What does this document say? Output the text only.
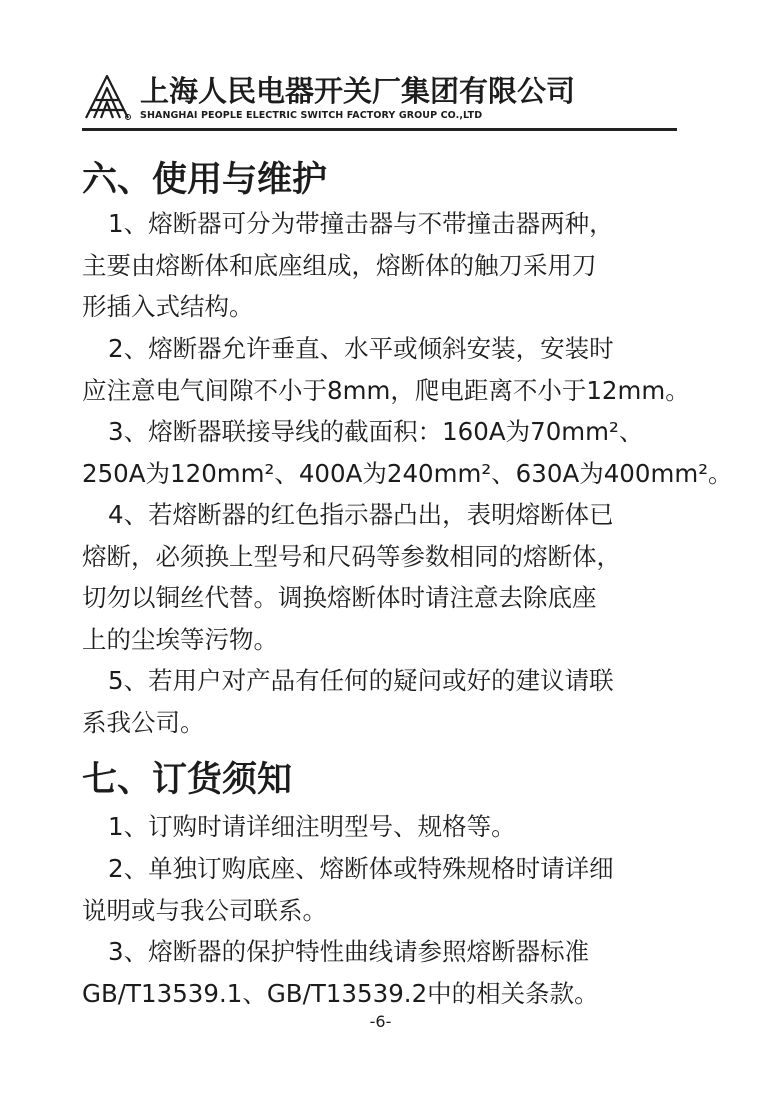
上海人民电器开关厂集团有限公司
SHANGHAI PEOPLE ELECTRIC SWITCH FACTORY GROUP CO.,LTD
六、使用与维护

1、熔断器可分为带撞击器与不带撞击器两种，
主要由熔断体和底座组成，熔断体的触刀采用刀
形插入式结构。

2、熔断器允许垂直、水平或倾斜安装，安装时
应注意电气间隙不小于8mm，爬电距离不小于12mm。

3、熔断器联接导线的截面积：160A为70mm²、
250A为120mm²、400A为240mm²、630A为400mm²。

4、若熔断器的红色指示器凸出，表明熔断体已
熔断，必须换上型号和尺码等参数相同的熔断体，
切勿以铜丝代替。调换熔断体时请注意去除底座
上的尘埃等污物。

5、若用户对产品有任何的疑问或好的建议请联
系我公司。

七、订货须知

1、订购时请详细注明型号、规格等。

2、单独订购底座、熔断体或特殊规格时请详细
说明或与我公司联系。

3、熔断器的保护特性曲线请参照熔断器标准
GB/T13539.1、GB/T13539.2中的相关条款。

-6-
